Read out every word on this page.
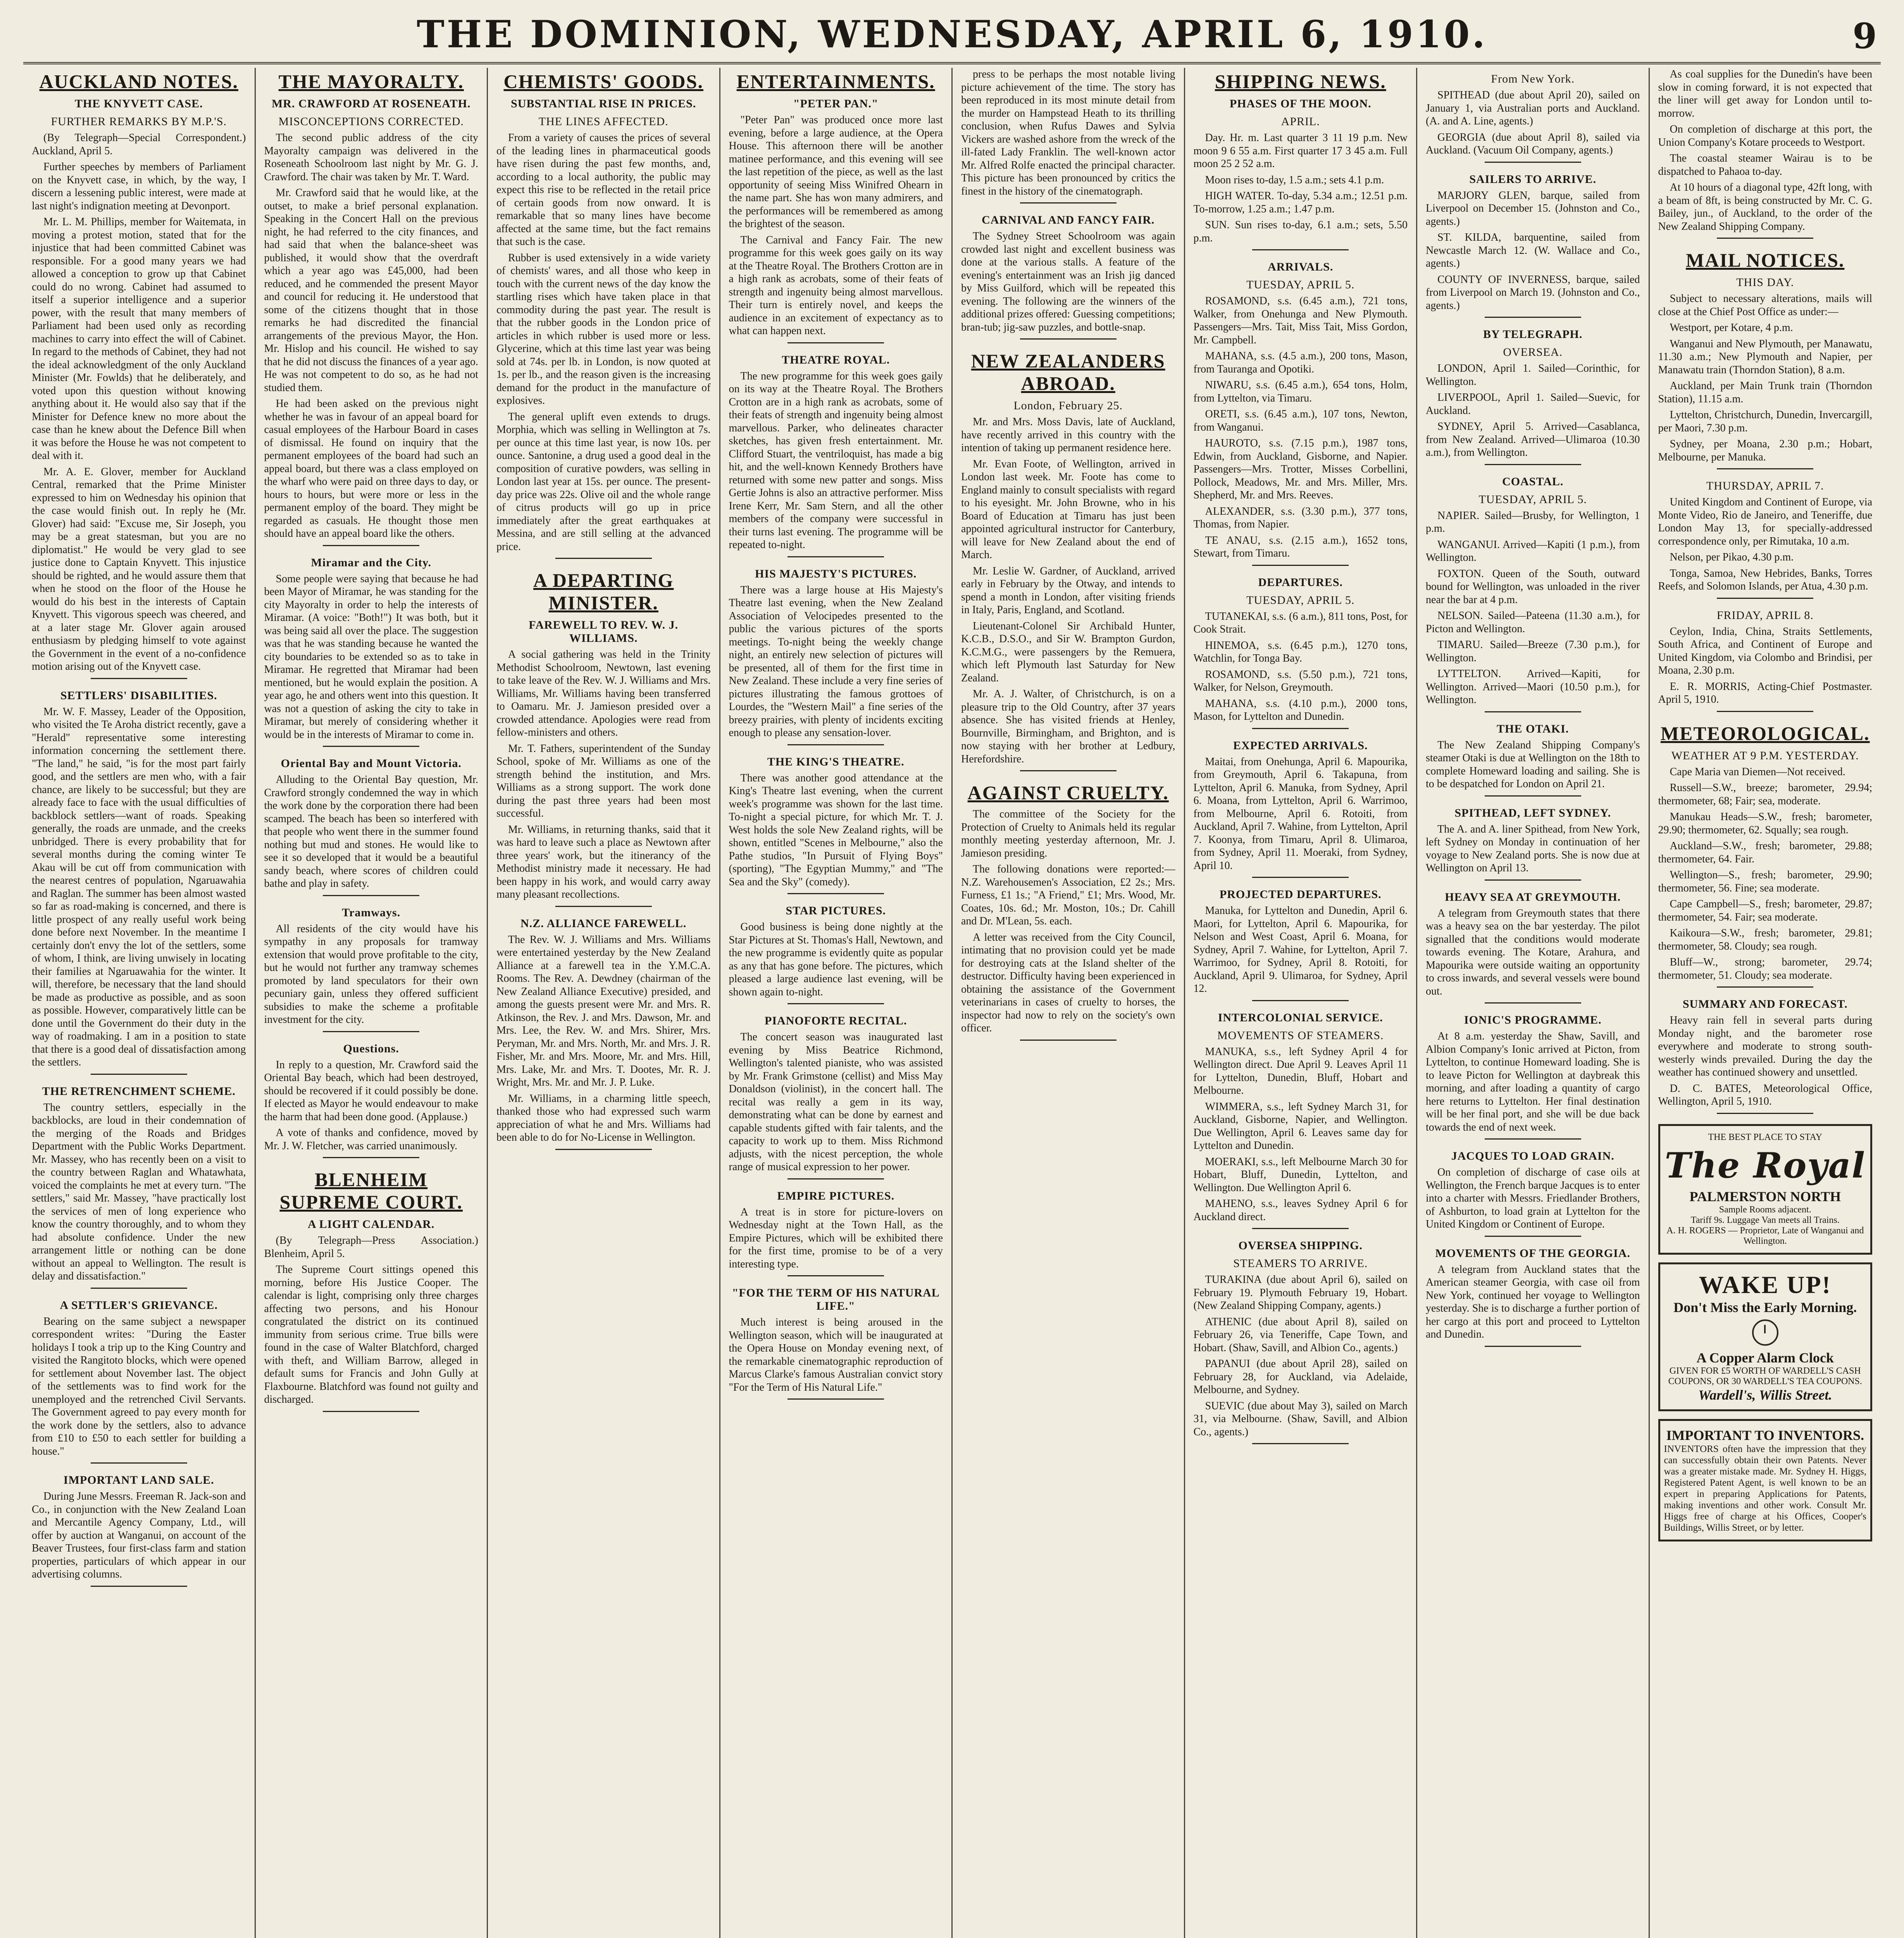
THE DOMINION, WEDNESDAY, APRIL 6, 1910.	9
AUCKLAND NOTES.
THE KNYVETT CASE.
FURTHER REMARKS BY M.P.'S.

(By Telegraph—Special Correspondent.) Auckland, April 5.

Further speeches by members of Parliament on the Knyvett case, in which, by the way, I discern a lessening public interest, were made at last night's indignation meeting at Devonport.

Mr. L. M. Phillips, member for Waitemata, in moving a protest motion, stated that for the injustice that had been committed Cabinet was responsible. For a good many years we had allowed a conception to grow up that Cabinet could do no wrong. Cabinet had assumed to itself a superior intelligence and a superior power, with the result that many members of Parliament had been used only as recording machines to carry into effect the will of Cabinet. In regard to the methods of Cabinet, they had not the ideal acknowledgment of the only Auckland Minister (Mr. Fowlds) that he deliberately, and voted upon this question without knowing anything about it. He would also say that if the Minister for Defence knew no more about the case than he knew about the Defence Bill when it was before the House he was not competent to deal with it.

Mr. A. E. Glover, member for Auckland Central, remarked that the Prime Minister expressed to him on Wednesday his opinion that the case would finish out. In reply he (Mr. Glover) had said: "Excuse me, Sir Joseph, you may be a great statesman, but you are no diplomatist." He would be very glad to see justice done to Captain Knyvett. This injustice should be righted, and he would assure them that when he stood on the floor of the House he would do his best in the interests of Captain Knyvett. This vigorous speech was cheered, and at a later stage Mr. Glover again aroused enthusiasm by pledging himself to vote against the Government in the event of a no-confidence motion arising out of the Knyvett case.

SETTLERS' DISABILITIES.

Mr. W. F. Massey, Leader of the Opposition, who visited the Te Aroha district recently, gave a "Herald" representative some interesting information concerning the settlement there. "The land," he said, "is for the most part fairly good, and the settlers are men who, with a fair chance, are likely to be successful; but they are already face to face with the usual difficulties of backblock settlers—want of roads. Speaking generally, the roads are unmade, and the creeks unbridged. There is every probability that for several months during the coming winter Te Akau will be cut off from communication with the nearest centres of population, Ngaruawahia and Raglan. The summer has been almost wasted so far as road-making is concerned, and there is little prospect of any really useful work being done before next November. In the meantime I certainly don't envy the lot of the settlers, some of whom, I think, are living unwisely in locating their families at Ngaruawahia for the winter. It will, therefore, be necessary that the land should be made as productive as possible, and as soon as possible. However, comparatively little can be done until the Government do their duty in the way of roadmaking. I am in a position to state that there is a good deal of dissatisfaction among the settlers.

THE RETRENCHMENT SCHEME.

The country settlers, especially in the backblocks, are loud in their condemnation of the merging of the Roads and Bridges Department with the Public Works Department. Mr. Massey, who has recently been on a visit to the country between Raglan and Whatawhata, voiced the complaints he met at every turn. "The settlers," said Mr. Massey, "have practically lost the services of men of long experience who know the country thoroughly, and to whom they had absolute confidence. Under the new arrangement little or nothing can be done without an appeal to Wellington. The result is delay and dissatisfaction."

A SETTLER'S GRIEVANCE.

Bearing on the same subject a newspaper correspondent writes: "During the Easter holidays I took a trip up to the King Country and visited the Rangitoto blocks, which were opened for settlement about November last. The object of the settlements was to find work for the unemployed and the retrenched Civil Servants. The Government agreed to pay every month for the work done by the settlers, also to advance from £10 to £50 to each settler for building a house."

IMPORTANT LAND SALE.

During June Messrs. Freeman R. Jack-son and Co., in conjunction with the New Zealand Loan and Mercantile Agency Company, Ltd., will offer by auction at Wanganui, on account of the Beaver Trustees, four first-class farm and station properties, particulars of which appear in our advertising columns.

THE MAYORALTY.
MR. CRAWFORD AT ROSENEATH.
MISCONCEPTIONS CORRECTED.

The second public address of the city Mayoralty campaign was delivered in the Roseneath Schoolroom last night by Mr. G. J. Crawford. The chair was taken by Mr. T. Ward.

Mr. Crawford said that he would like, at the outset, to make a brief personal explanation. Speaking in the Concert Hall on the previous night, he had referred to the city finances, and had said that when the balance-sheet was published, it would show that the overdraft which a year ago was £45,000, had been reduced, and he commended the present Mayor and council for reducing it. He understood that some of the citizens thought that in those remarks he had discredited the financial arrangements of the previous Mayor, the Hon. Mr. Hislop and his council. He wished to say that he did not discuss the finances of a year ago. He was not competent to do so, as he had not studied them.

He had been asked on the previous night whether he was in favour of an appeal board for casual employees of the Harbour Board in cases of dismissal. He found on inquiry that the permanent employees of the board had such an appeal board, but there was a class employed on the wharf who were paid on three days to day, or hours to hours, but were more or less in the permanent employ of the board. They might be regarded as casuals. He thought those men should have an appeal board like the others.

Miramar and the City.

Some people were saying that because he had been Mayor of Miramar, he was standing for the city Mayoralty in order to help the interests of Miramar. (A voice: "Both!") It was both, but it was being said all over the place. The suggestion was that he was standing because he wanted the city boundaries to be extended so as to take in Miramar. He regretted that Miramar had been mentioned, but he would explain the position. A year ago, he and others went into this question. It was not a question of asking the city to take in Miramar, but merely of considering whether it would be in the interests of Miramar to come in.

Oriental Bay and Mount Victoria.

Alluding to the Oriental Bay question, Mr. Crawford strongly condemned the way in which the work done by the corporation there had been scamped. The beach has been so interfered with that people who went there in the summer found nothing but mud and stones. He would like to see it so developed that it would be a beautiful sandy beach, where scores of children could bathe and play in safety.

Tramways.

All residents of the city would have his sympathy in any proposals for tramway extension that would prove profitable to the city, but he would not further any tramway schemes promoted by land speculators for their own pecuniary gain, unless they offered sufficient subsidies to make the scheme a profitable investment for the city.

Questions.

In reply to a question, Mr. Crawford said the Oriental Bay beach, which had been destroyed, should be recovered if it could possibly be done. If elected as Mayor he would endeavour to make the harm that had been done good. (Applause.)

A vote of thanks and confidence, moved by Mr. J. W. Fletcher, was carried unanimously.

BLENHEIM SUPREME COURT.
A LIGHT CALENDAR.

(By Telegraph—Press Association.) Blenheim, April 5.

The Supreme Court sittings opened this morning, before His Justice Cooper. The calendar is light, comprising only three charges affecting two persons, and his Honour congratulated the district on its continued immunity from serious crime. True bills were found in the case of Walter Blatchford, charged with theft, and William Barrow, alleged in default sums for Francis and John Gully at Flaxbourne. Blatchford was found not guilty and discharged.

CHEMISTS' GOODS.
SUBSTANTIAL RISE IN PRICES.
THE LINES AFFECTED.

From a variety of causes the prices of several of the leading lines in pharmaceutical goods have risen during the past few months, and, according to a local authority, the public may expect this rise to be reflected in the retail price of certain goods from now onward. It is remarkable that so many lines have become affected at the same time, but the fact remains that such is the case.

Rubber is used extensively in a wide variety of chemists' wares, and all those who keep in touch with the current news of the day know the startling rises which have taken place in that commodity during the past year. The result is that the rubber goods in the London price of articles in which rubber is used more or less. Glycerine, which at this time last year was being sold at 74s. per lb. in London, is now quoted at 1s. per lb., and the reason given is the increasing demand for the product in the manufacture of explosives.

The general uplift even extends to drugs. Morphia, which was selling in Wellington at 7s. per ounce at this time last year, is now 10s. per ounce. Santonine, a drug used a good deal in the composition of curative powders, was selling in London last year at 15s. per ounce. The present-day price was 22s. Olive oil and the whole range of citrus products will go up in price immediately after the great earthquakes at Messina, and are still selling at the advanced price.

A DEPARTING MINISTER.
FAREWELL TO REV. W. J. WILLIAMS.

A social gathering was held in the Trinity Methodist Schoolroom, Newtown, last evening to take leave of the Rev. W. J. Williams and Mrs. Williams, Mr. Williams having been transferred to Oamaru. Mr. J. Jamieson presided over a crowded attendance. Apologies were read from fellow-ministers and others.

Mr. T. Fathers, superintendent of the Sunday School, spoke of Mr. Williams as one of the strength behind the institution, and Mrs. Williams as a strong support. The work done during the past three years had been most successful.

Mr. Williams, in returning thanks, said that it was hard to leave such a place as Newtown after three years' work, but the itinerancy of the Methodist ministry made it necessary. He had been happy in his work, and would carry away many pleasant recollections.

N.Z. ALLIANCE FAREWELL.

The Rev. W. J. Williams and Mrs. Williams were entertained yesterday by the New Zealand Alliance at a farewell tea in the Y.M.C.A. Rooms. The Rev. A. Dewdney (chairman of the New Zealand Alliance Executive) presided, and among the guests present were Mr. and Mrs. R. Atkinson, the Rev. J. and Mrs. Dawson, Mr. and Mrs. Lee, the Rev. W. and Mrs. Shirer, Mrs. Peryman, Mr. and Mrs. North, Mr. and Mrs. J. R. Fisher, Mr. and Mrs. Moore, Mr. and Mrs. Hill, Mrs. Lake, Mr. and Mrs. T. Dootes, Mr. R. J. Wright, Mrs. Mr. and Mr. J. P. Luke.

Mr. Williams, in a charming little speech, thanked those who had expressed such warm appreciation of what he and Mrs. Williams had been able to do for No-License in Wellington.

ENTERTAINMENTS.
"PETER PAN."

"Peter Pan" was produced once more last evening, before a large audience, at the Opera House. This afternoon there will be another matinee performance, and this evening will see the last repetition of the piece, as well as the last opportunity of seeing Miss Winifred Ohearn in the name part. She has won many admirers, and the performances will be remembered as among the brightest of the season.

The Carnival and Fancy Fair. The new programme for this week goes gaily on its way at the Theatre Royal. The Brothers Crotton are in a high rank as acrobats, some of their feats of strength and ingenuity being almost marvellous. Their turn is entirely novel, and keeps the audience in an excitement of expectancy as to what can happen next.

THEATRE ROYAL.

The new programme for this week goes gaily on its way at the Theatre Royal. The Brothers Crotton are in a high rank as acrobats, some of their feats of strength and ingenuity being almost marvellous. Parker, who delineates character sketches, has given fresh entertainment. Mr. Clifford Stuart, the ventriloquist, has made a big hit, and the well-known Kennedy Brothers have returned with some new patter and songs. Miss Gertie Johns is also an attractive performer. Miss Irene Kerr, Mr. Sam Stern, and all the other members of the company were successful in their turns last evening. The programme will be repeated to-night.

HIS MAJESTY'S PICTURES.

There was a large house at His Majesty's Theatre last evening, when the New Zealand Association of Velocipedes presented to the public the various pictures of the sports meetings. To-night being the weekly change night, an entirely new selection of pictures will be presented, all of them for the first time in New Zealand. These include a very fine series of pictures illustrating the famous grottoes of Lourdes, the "Western Mail" a fine series of the breezy prairies, with plenty of incidents exciting enough to please any sensation-lover.

THE KING'S THEATRE.

There was another good attendance at the King's Theatre last evening, when the current week's programme was shown for the last time. To-night a special picture, for which Mr. T. J. West holds the sole New Zealand rights, will be shown, entitled "Scenes in Melbourne," also the Pathe studios, "In Pursuit of Flying Boys" (sporting), "The Egyptian Mummy," and "The Sea and the Sky" (comedy).

STAR PICTURES.

Good business is being done nightly at the Star Pictures at St. Thomas's Hall, Newtown, and the new programme is evidently quite as popular as any that has gone before. The pictures, which pleased a large audience last evening, will be shown again to-night.

PIANOFORTE RECITAL.

The concert season was inaugurated last evening by Miss Beatrice Richmond, Wellington's talented pianiste, who was assisted by Mr. Frank Grimstone (cellist) and Miss May Donaldson (violinist), in the concert hall. The recital was really a gem in its way, demonstrating what can be done by earnest and capable students gifted with fair talents, and the capacity to work up to them. Miss Richmond adjusts, with the nicest perception, the whole range of musical expression to her power.

EMPIRE PICTURES.

A treat is in store for picture-lovers on Wednesday night at the Town Hall, as the Empire Pictures, which will be exhibited there for the first time, promise to be of a very interesting type.

"FOR THE TERM OF HIS NATURAL LIFE."

Much interest is being aroused in the Wellington season, which will be inaugurated at the Opera House on Monday evening next, of the remarkable cinematographic reproduction of Marcus Clarke's famous Australian convict story "For the Term of His Natural Life."

press to be perhaps the most notable living picture achievement of the time. The story has been reproduced in its most minute detail from the murder on Hampstead Heath to its thrilling conclusion, when Rufus Dawes and Sylvia Vickers are washed ashore from the wreck of the ill-fated Lady Franklin. The well-known actor Mr. Alfred Rolfe enacted the principal character. This picture has been pronounced by critics the finest in the history of the cinematograph.

CARNIVAL AND FANCY FAIR.

The Sydney Street Schoolroom was again crowded last night and excellent business was done at the various stalls. A feature of the evening's entertainment was an Irish jig danced by Miss Guilford, which will be repeated this evening. The following are the winners of the additional prizes offered: Guessing competitions; bran-tub; jig-saw puzzles, and bottle-snap.

NEW ZEALANDERS ABROAD.
London, February 25.

Mr. and Mrs. Moss Davis, late of Auckland, have recently arrived in this country with the intention of taking up permanent residence here.

Mr. Evan Foote, of Wellington, arrived in London last week. Mr. Foote has come to England mainly to consult specialists with regard to his eyesight. Mr. John Browne, who in his Board of Education at Timaru has just been appointed agricultural instructor for Canterbury, will leave for New Zealand about the end of March.

Mr. Leslie W. Gardner, of Auckland, arrived early in February by the Otway, and intends to spend a month in London, after visiting friends in Italy, Paris, England, and Scotland.

Lieutenant-Colonel Sir Archibald Hunter, K.C.B., D.S.O., and Sir W. Brampton Gurdon, K.C.M.G., were passengers by the Remuera, which left Plymouth last Saturday for New Zealand.

Mr. A. J. Walter, of Christchurch, is on a pleasure trip to the Old Country, after 37 years absence. She has visited friends at Henley, Bournville, Birmingham, and Brighton, and is now staying with her brother at Ledbury, Herefordshire.

AGAINST CRUELTY.

The committee of the Society for the Protection of Cruelty to Animals held its regular monthly meeting yesterday afternoon, Mr. J. Jamieson presiding.

The following donations were reported:—N.Z. Warehousemen's Association, £2 2s.; Mrs. Furness, £1 1s.; "A Friend," £1; Mrs. Wood, Mr. Coates, 10s. 6d.; Mr. Moston, 10s.; Dr. Cahill and Dr. M'Lean, 5s. each.

A letter was received from the City Council, intimating that no provision could yet be made for destroying cats at the Island shelter of the destructor. Difficulty having been experienced in obtaining the assistance of the Government veterinarians in cases of cruelty to horses, the inspector had now to rely on the society's own officer.

SHIPPING NEWS.
PHASES OF THE MOON.
APRIL.

Day. Hr. m. Last quarter 3 11 19 p.m. New moon 9 6 55 a.m. First quarter 17 3 45 a.m. Full moon 25 2 52 a.m.

Moon rises to-day, 1.5 a.m.; sets 4.1 p.m.

HIGH WATER. To-day, 5.34 a.m.; 12.51 p.m. To-morrow, 1.25 a.m.; 1.47 p.m.

SUN. Sun rises to-day, 6.1 a.m.; sets, 5.50 p.m.

ARRIVALS.
TUESDAY, APRIL 5.

ROSAMOND, s.s. (6.45 a.m.), 721 tons, Walker, from Onehunga and New Plymouth. Passengers—Mrs. Tait, Miss Tait, Miss Gordon, Mr. Campbell.

MAHANA, s.s. (4.5 a.m.), 200 tons, Mason, from Tauranga and Opotiki.

NIWARU, s.s. (6.45 a.m.), 654 tons, Holm, from Lyttelton, via Timaru.

ORETI, s.s. (6.45 a.m.), 107 tons, Newton, from Wanganui.

HAUROTO, s.s. (7.15 p.m.), 1987 tons, Edwin, from Auckland, Gisborne, and Napier. Passengers—Mrs. Trotter, Misses Corbellini, Pollock, Meadows, Mr. and Mrs. Miller, Mrs. Shepherd, Mr. and Mrs. Reeves.

ALEXANDER, s.s. (3.30 p.m.), 377 tons, Thomas, from Napier.

TE ANAU, s.s. (2.15 a.m.), 1652 tons, Stewart, from Timaru.

DEPARTURES.
TUESDAY, APRIL 5.

TUTANEKAI, s.s. (6 a.m.), 811 tons, Post, for Cook Strait.

HINEMOA, s.s. (6.45 p.m.), 1270 tons, Watchlin, for Tonga Bay.

ROSAMOND, s.s. (5.50 p.m.), 721 tons, Walker, for Nelson, Greymouth.

MAHANA, s.s. (4.10 p.m.), 2000 tons, Mason, for Lyttelton and Dunedin.

EXPECTED ARRIVALS.

Maitai, from Onehunga, April 6. Mapourika, from Greymouth, April 6. Takapuna, from Lyttelton, April 6. Manuka, from Sydney, April 6. Moana, from Lyttelton, April 6. Warrimoo, from Melbourne, April 6. Rotoiti, from Auckland, April 7. Wahine, from Lyttelton, April 7. Koonya, from Timaru, April 8. Ulimaroa, from Sydney, April 11. Moeraki, from Sydney, April 10.

PROJECTED DEPARTURES.

Manuka, for Lyttelton and Dunedin, April 6. Maori, for Lyttelton, April 6. Mapourika, for Nelson and West Coast, April 6. Moana, for Sydney, April 7. Wahine, for Lyttelton, April 7. Warrimoo, for Sydney, April 8. Rotoiti, for Auckland, April 9. Ulimaroa, for Sydney, April 12.

INTERCOLONIAL SERVICE.
MOVEMENTS OF STEAMERS.

MANUKA, s.s., left Sydney April 4 for Wellington direct. Due April 9. Leaves April 11 for Lyttelton, Dunedin, Bluff, Hobart and Melbourne.

WIMMERA, s.s., left Sydney March 31, for Auckland, Gisborne, Napier, and Wellington. Due Wellington, April 6. Leaves same day for Lyttelton and Dunedin.

MOERAKI, s.s., left Melbourne March 30 for Hobart, Bluff, Dunedin, Lyttelton, and Wellington. Due Wellington April 6.

MAHENO, s.s., leaves Sydney April 6 for Auckland direct.

OVERSEA SHIPPING.
STEAMERS TO ARRIVE.

TURAKINA (due about April 6), sailed on February 19. Plymouth February 19, Hobart. (New Zealand Shipping Company, agents.)

ATHENIC (due about April 8), sailed on February 26, via Teneriffe, Cape Town, and Hobart. (Shaw, Savill, and Albion Co., agents.)

PAPANUI (due about April 28), sailed on February 28, for Auckland, via Adelaide, Melbourne, and Sydney.

SUEVIC (due about May 3), sailed on March 31, via Melbourne. (Shaw, Savill, and Albion Co., agents.)

From New York.

SPITHEAD (due about April 20), sailed on January 1, via Australian ports and Auckland. (A. and A. Line, agents.)

GEORGIA (due about April 8), sailed via Auckland. (Vacuum Oil Company, agents.)

SAILERS TO ARRIVE.

MARJORY GLEN, barque, sailed from Liverpool on December 15. (Johnston and Co., agents.)

ST. KILDA, barquentine, sailed from Newcastle March 12. (W. Wallace and Co., agents.)

COUNTY OF INVERNESS, barque, sailed from Liverpool on March 19. (Johnston and Co., agents.)

BY TELEGRAPH.
OVERSEA.

LONDON, April 1. Sailed—Corinthic, for Wellington.

LIVERPOOL, April 1. Sailed—Suevic, for Auckland.

SYDNEY, April 5. Arrived—Casablanca, from New Zealand. Arrived—Ulimaroa (10.30 a.m.), from Wellington.

COASTAL.
TUESDAY, APRIL 5.

NAPIER. Sailed—Brusby, for Wellington, 1 p.m.

WANGANUI. Arrived—Kapiti (1 p.m.), from Wellington.

FOXTON. Queen of the South, outward bound for Wellington, was unloaded in the river near the bar at 4 p.m.

NELSON. Sailed—Pateena (11.30 a.m.), for Picton and Wellington.

TIMARU. Sailed—Breeze (7.30 p.m.), for Wellington.

LYTTELTON. Arrived—Kapiti, for Wellington. Arrived—Maori (10.50 p.m.), for Wellington.

THE OTAKI.

The New Zealand Shipping Company's steamer Otaki is due at Wellington on the 18th to complete Homeward loading and sailing. She is to be despatched for London on April 21.

SPITHEAD, LEFT SYDNEY.

The A. and A. liner Spithead, from New York, left Sydney on Monday in continuation of her voyage to New Zealand ports. She is now due at Wellington on April 13.

HEAVY SEA AT GREYMOUTH.

A telegram from Greymouth states that there was a heavy sea on the bar yesterday. The pilot signalled that the conditions would moderate towards evening. The Kotare, Arahura, and Mapourika were outside waiting an opportunity to cross inwards, and several vessels were bound out.

IONIC'S PROGRAMME.

At 8 a.m. yesterday the Shaw, Savill, and Albion Company's Ionic arrived at Picton, from Lyttelton, to continue Homeward loading. She is to leave Picton for Wellington at daybreak this morning, and after loading a quantity of cargo here returns to Lyttelton. Her final destination will be her final port, and she will be due back towards the end of next week.

JACQUES TO LOAD GRAIN.

On completion of discharge of case oils at Wellington, the French barque Jacques is to enter into a charter with Messrs. Friedlander Brothers, of Ashburton, to load grain at Lyttelton for the United Kingdom or Continent of Europe.

MOVEMENTS OF THE GEORGIA.

A telegram from Auckland states that the American steamer Georgia, with case oil from New York, continued her voyage to Wellington yesterday. She is to discharge a further portion of her cargo at this port and proceed to Lyttelton and Dunedin.

As coal supplies for the Dunedin's have been slow in coming forward, it is not expected that the liner will get away for London until to-morrow.

On completion of discharge at this port, the Union Company's Kotare proceeds to Westport.

The coastal steamer Wairau is to be dispatched to Pahaoa to-day.

At 10 hours of a diagonal type, 42ft long, with a beam of 8ft, is being constructed by Mr. C. G. Bailey, jun., of Auckland, to the order of the New Zealand Shipping Company.

MAIL NOTICES.
THIS DAY.

Subject to necessary alterations, mails will close at the Chief Post Office as under:—

Westport, per Kotare, 4 p.m.

Wanganui and New Plymouth, per Manawatu, 11.30 a.m.; New Plymouth and Napier, per Manawatu train (Thorndon Station), 8 a.m.

Auckland, per Main Trunk train (Thorndon Station), 11.15 a.m.

Lyttelton, Christchurch, Dunedin, Invercargill, per Maori, 7.30 p.m.

Sydney, per Moana, 2.30 p.m.; Hobart, Melbourne, per Manuka.

THURSDAY, APRIL 7.

United Kingdom and Continent of Europe, via Monte Video, Rio de Janeiro, and Teneriffe, due London May 13, for specially-addressed correspondence only, per Rimutaka, 10 a.m.

Nelson, per Pikao, 4.30 p.m.

Tonga, Samoa, New Hebrides, Banks, Torres Reefs, and Solomon Islands, per Atua, 4.30 p.m.

FRIDAY, APRIL 8.

Ceylon, India, China, Straits Settlements, South Africa, and Continent of Europe and United Kingdom, via Colombo and Brindisi, per Moana, 2.30 p.m.

E. R. MORRIS, Acting-Chief Postmaster. April 5, 1910.

METEOROLOGICAL.
WEATHER AT 9 P.M. YESTERDAY.

Cape Maria van Diemen—Not received.

Russell—S.W., breeze; barometer, 29.94; thermometer, 68; Fair; sea, moderate.

Manukau Heads—S.W., fresh; barometer, 29.90; thermometer, 62. Squally; sea rough.

Auckland—S.W., fresh; barometer, 29.88; thermometer, 64. Fair.

Wellington—S., fresh; barometer, 29.90; thermometer, 56. Fine; sea moderate.

Cape Campbell—S., fresh; barometer, 29.87; thermometer, 54. Fair; sea moderate.

Kaikoura—S.W., fresh; barometer, 29.81; thermometer, 58. Cloudy; sea rough.

Bluff—W., strong; barometer, 29.74; thermometer, 51. Cloudy; sea moderate.

SUMMARY AND FORECAST.

Heavy rain fell in several parts during Monday night, and the barometer rose everywhere and moderate to strong south-westerly winds prevailed. During the day the weather has continued showery and unsettled.

D. C. BATES, Meteorological Office, Wellington, April 5, 1910.

THE BEST PLACE TO STAY
The Royal
PALMERSTON NORTH
Sample Rooms adjacent.
Tariff 9s. Luggage Van meets all Trains.
A. H. ROGERS — Proprietor, Late of Wanganui and Wellington.
WAKE UP!
Don't Miss the Early Morning.
A Copper Alarm Clock
GIVEN FOR £5 WORTH OF WARDELL'S CASH COUPONS, OR 30 WARDELL'S TEA COUPONS.
Wardell's, Willis Street.
IMPORTANT TO INVENTORS.
INVENTORS often have the impression that they can successfully obtain their own Patents. Never was a greater mistake made. Mr. Sydney H. Higgs, Registered Patent Agent, is well known to be an expert in preparing Applications for Patents, making inventions and other work. Consult Mr. Higgs free of charge at his Offices, Cooper's Buildings, Willis Street, or by letter.
